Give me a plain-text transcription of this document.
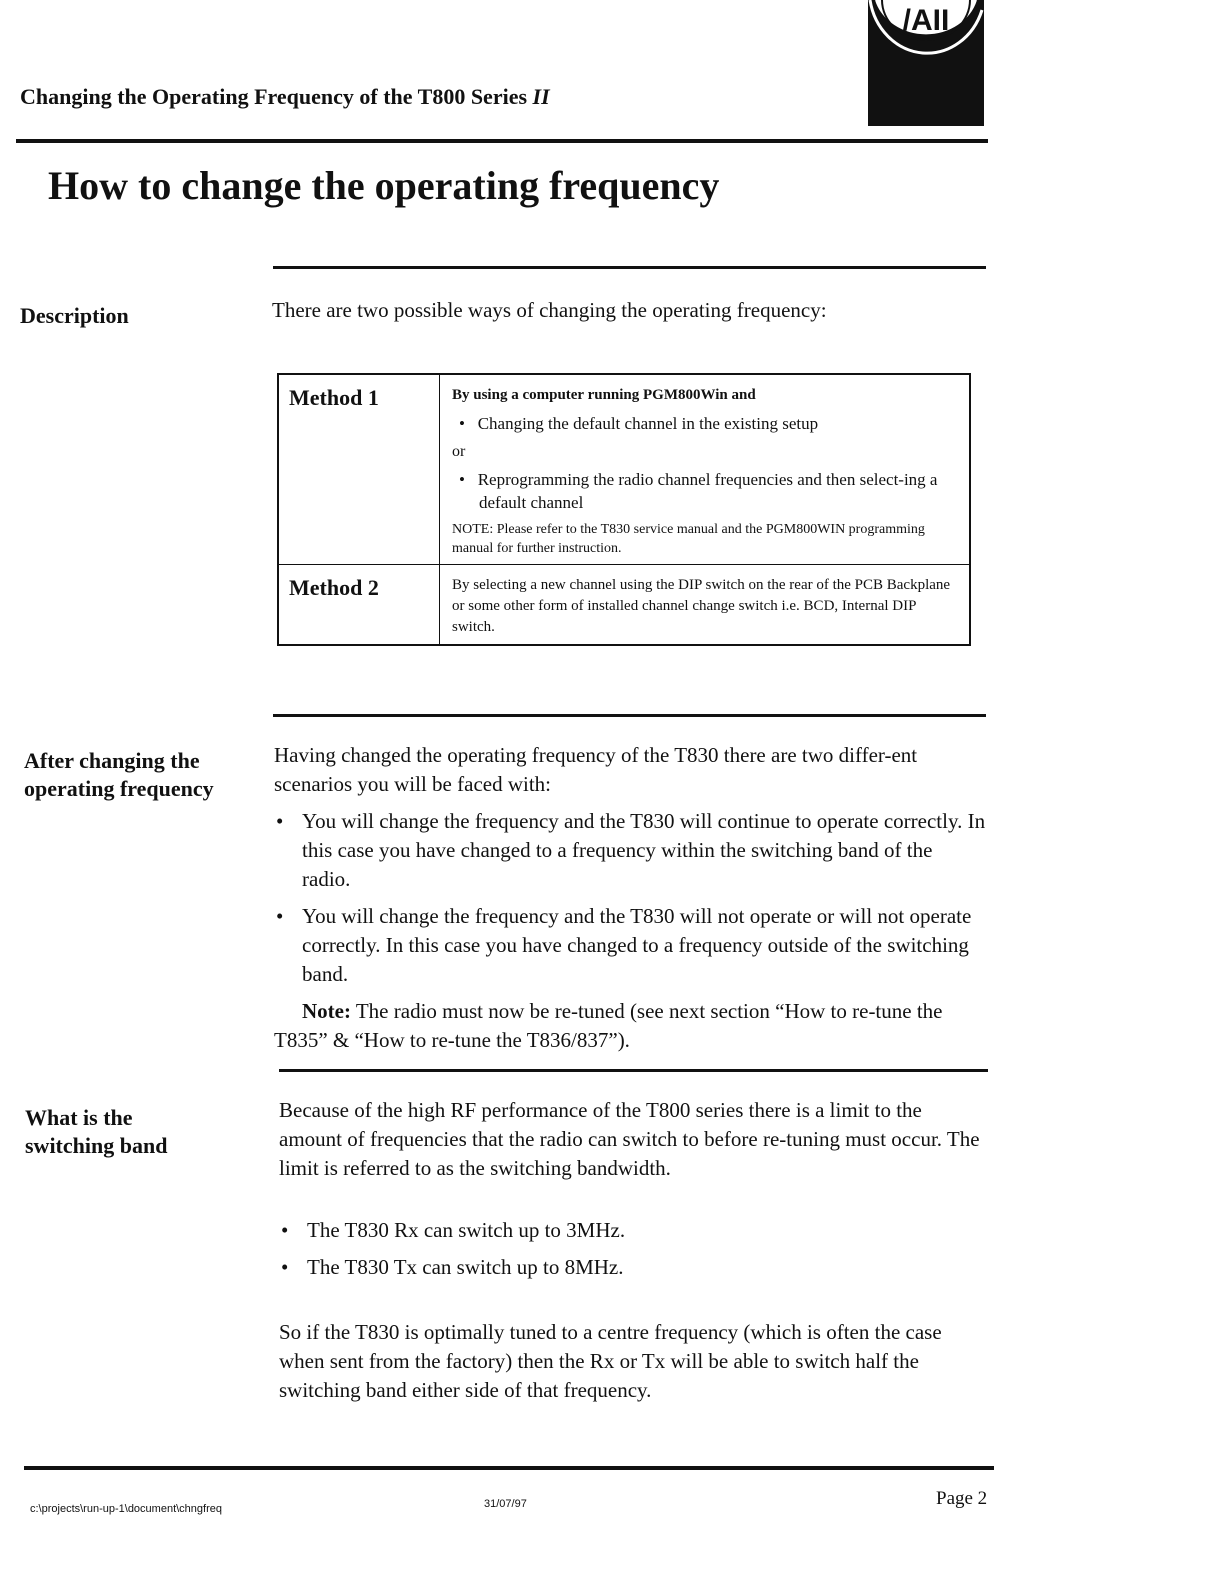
Changing the Operating Frequency of the T800 Series II
/AII
How to change the operating frequency
Description	There are two possible ways of changing the operating frequency:
Method 1	By using a computer running PGM800Win and
•   Changing the default channel in the existing setup
or
•   Reprogramming the radio channel frequencies and then select-ing a default channel
NOTE: Please refer to the T830 service manual and the PGM800WIN programming manual for further instruction.

Method 2	By selecting a new channel using the DIP switch on the rear of the PCB Backplane or some other form of installed channel change switch i.e. BCD, Internal DIP switch.
After changing the
operating frequency
Having changed the operating frequency of the T830 there are two differ-ent scenarios you will be faced with:
• You will change the frequency and the T830 will continue to operate correctly. In this case you have changed to a frequency within the switching band of the radio.
• You will change the frequency and the T830 will not operate or will not operate correctly. In this case you have changed to a frequency outside of the switching band.
Note: The radio must now be re-tuned (see next section “How to re-tune the T835” & “How to re-tune the T836/837”).
What is the
switching band
Because of the high RF performance of the T800 series there is a limit to the amount of frequencies that the radio can switch to before re-tuning must occur. The limit is referred to as the switching bandwidth.
• The T830 Rx can switch up to 3MHz.
• The T830 Tx can switch up to 8MHz.
So if the T830 is optimally tuned to a centre frequency (which is often the case when sent from the factory) then the Rx or Tx will be able to switch half the switching band either side of that frequency.
c:\projects\run-up-1\document\chngfreq	31/07/97	Page 2
